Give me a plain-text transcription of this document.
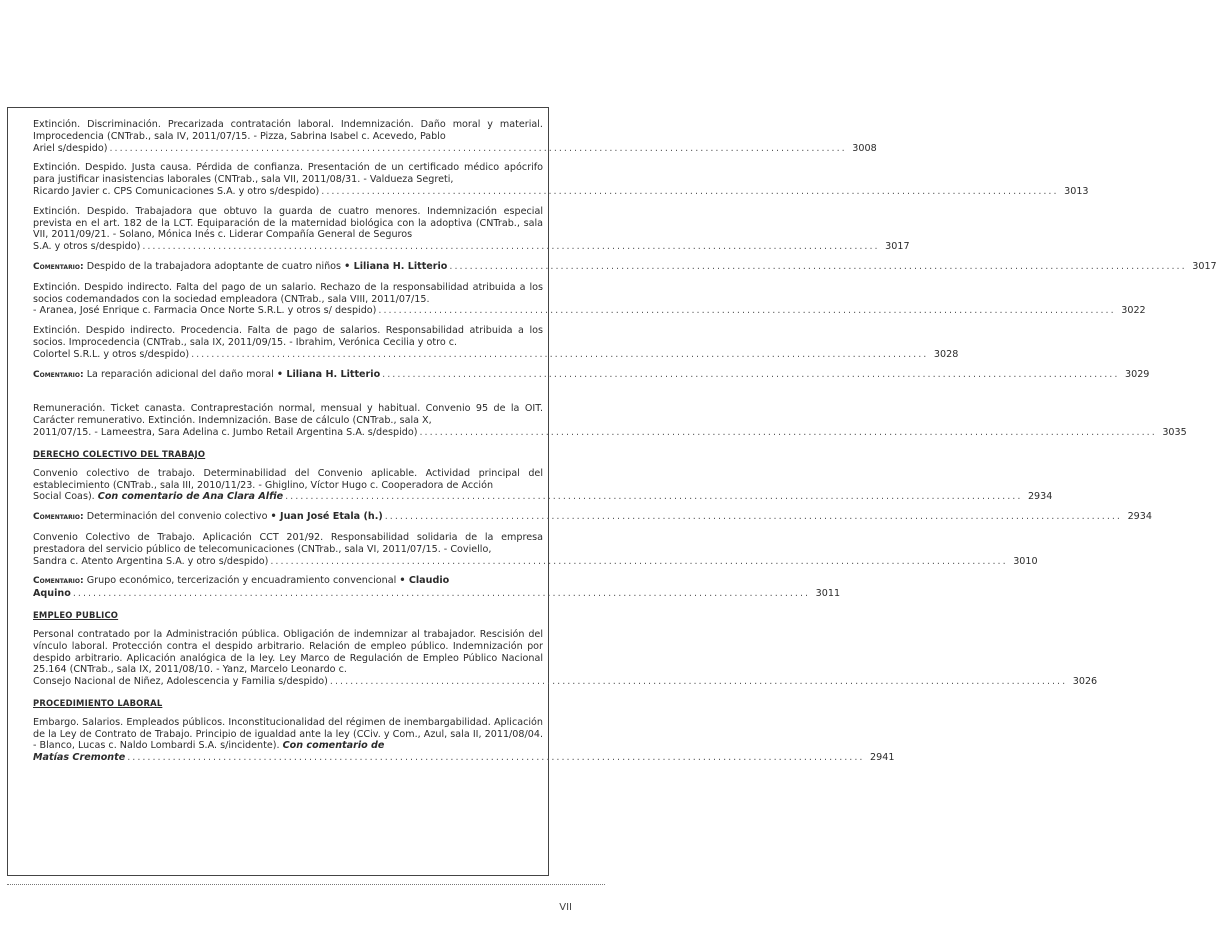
Extinción. Discriminación. Precarizada contratación laboral. Indemnización. Daño moral y material. Improcedencia (CNTrab., sala IV, 2011/07/15. - Pizza, Sabrina Isabel c. Acevedo, Pablo
Ariel s/despido) .................................................................................................................................................. 3008
Extinción. Despido. Justa causa. Pérdida de confianza. Presentación de un certificado médico apócrifo para justificar inasistencias laborales (CNTrab., sala VII, 2011/08/31. - Valdueza Segreti,
Ricardo Javier c. CPS Comunicaciones S.A. y otro s/despido) .................................................................................................................................................. 3013
Extinción. Despido. Trabajadora que obtuvo la guarda de cuatro menores. Indemnización especial prevista en el art. 182 de la LCT. Equiparación de la maternidad biológica con la adoptiva (CNTrab., sala VII, 2011/09/21. - Solano, Mónica Inés c. Liderar Compañía General de Seguros
S.A. y otros s/despido) .................................................................................................................................................. 3017
Comentario: Despido de la trabajadora adoptante de cuatro niños • Liliana H. Litterio .................................................................................................................................................. 3017
Extinción. Despido indirecto. Falta del pago de un salario. Rechazo de la responsabilidad atribuida a los socios codemandados con la sociedad empleadora (CNTrab., sala VIII, 2011/07/15.
- Aranea, José Enrique c. Farmacia Once Norte S.R.L. y otros s/ despido) .................................................................................................................................................. 3022
Extinción. Despido indirecto. Procedencia. Falta de pago de salarios. Responsabilidad atribuida a los socios. Improcedencia (CNTrab., sala IX, 2011/09/15. - Ibrahim, Verónica Cecilia y otro c.
Colortel S.R.L. y otros s/despido) .................................................................................................................................................. 3028
Comentario: La reparación adicional del daño moral • Liliana H. Litterio .................................................................................................................................................. 3029
Remuneración. Ticket canasta. Contraprestación normal, mensual y habitual. Convenio 95 de la OIT. Carácter remunerativo. Extinción. Indemnización. Base de cálculo (CNTrab., sala X,
2011/07/15. - Lameestra, Sara Adelina c. Jumbo Retail Argentina S.A. s/despido) .................................................................................................................................................. 3035
DERECHO COLECTIVO DEL TRABAJO
Convenio colectivo de trabajo. Determinabilidad del Convenio aplicable. Actividad principal del establecimiento (CNTrab., sala III, 2010/11/23. - Ghiglino, Víctor Hugo c. Cooperadora de Acción
Social Coas). Con comentario de Ana Clara Alfie .................................................................................................................................................. 2934
Comentario: Determinación del convenio colectivo • Juan José Etala (h.) .................................................................................................................................................. 2934
Convenio Colectivo de Trabajo. Aplicación CCT 201/92. Responsabilidad solidaria de la empresa prestadora del servicio público de telecomunicaciones (CNTrab., sala VI, 2011/07/15. - Coviello,
Sandra c. Atento Argentina S.A. y otro s/despido) .................................................................................................................................................. 3010
Comentario: Grupo económico, tercerización y encuadramiento convencional • Claudio
Aquino .................................................................................................................................................. 3011
EMPLEO PUBLICO
Personal contratado por la Administración pública. Obligación de indemnizar al trabajador. Rescisión del vínculo laboral. Protección contra el despido arbitrario. Relación de empleo público. Indemnización por despido arbitrario. Aplicación analógica de la ley. Ley Marco de Regulación de Empleo Público Nacional 25.164 (CNTrab., sala IX, 2011/08/10. - Yanz, Marcelo Leonardo c.
Consejo Nacional de Niñez, Adolescencia y Familia s/despido) .................................................................................................................................................. 3026
PROCEDIMIENTO LABORAL
Embargo. Salarios. Empleados públicos. Inconstitucionalidad del régimen de inembargabilidad. Aplicación de la Ley de Contrato de Trabajo. Principio de igualdad ante la ley (CCiv. y Com., Azul, sala II, 2011/08/04. - Blanco, Lucas c. Naldo Lombardi S.A. s/incidente). Con comentario de
Matías Cremonte .................................................................................................................................................. 2941
VII
